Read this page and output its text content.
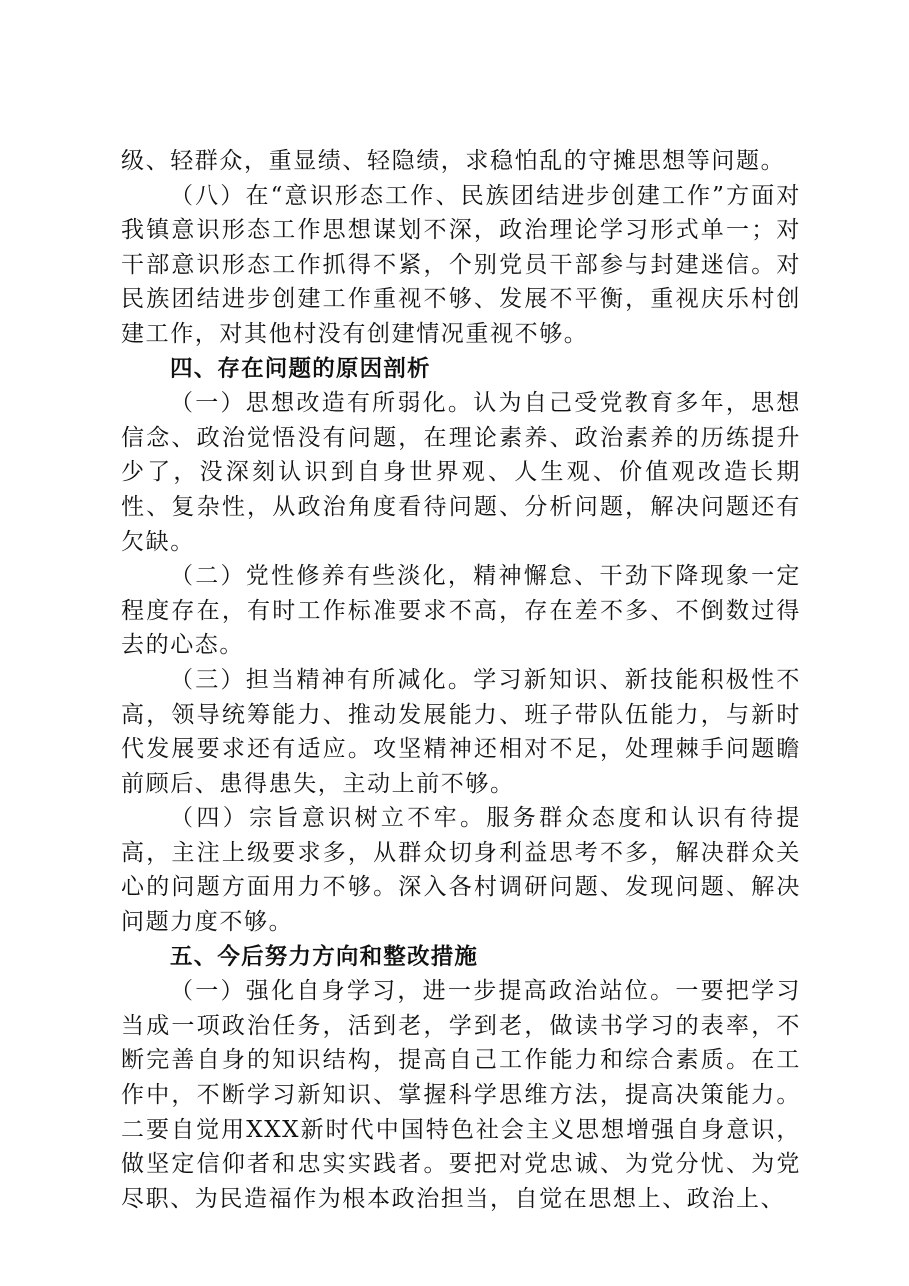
级、轻群众，重显绩、轻隐绩，求稳怕乱的守摊思想等问题。

（八）在“意识形态工作、民族团结进步创建工作”方面对我镇意识形态工作思想谋划不深，政治理论学习形式单一；对干部意识形态工作抓得不紧，个别党员干部参与封建迷信。对民族团结进步创建工作重视不够、发展不平衡，重视庆乐村创建工作，对其他村没有创建情况重视不够。

四、存在问题的原因剖析

（一）思想改造有所弱化。认为自己受党教育多年，思想信念、政治觉悟没有问题，在理论素养、政治素养的历练提升少了，没深刻认识到自身世界观、人生观、价值观改造长期性、复杂性，从政治角度看待问题、分析问题，解决问题还有欠缺。

（二）党性修养有些淡化，精神懈怠、干劲下降现象一定程度存在，有时工作标准要求不高，存在差不多、不倒数过得去的心态。

（三）担当精神有所减化。学习新知识、新技能积极性不高，领导统筹能力、推动发展能力、班子带队伍能力，与新时代发展要求还有适应。攻坚精神还相对不足，处理棘手问题瞻前顾后、患得患失，主动上前不够。

（四）宗旨意识树立不牢。服务群众态度和认识有待提高，主注上级要求多，从群众切身利益思考不多，解决群众关心的问题方面用力不够。深入各村调研问题、发现问题、解决问题力度不够。

五、今后努力方向和整改措施

（一）强化自身学习，进一步提高政治站位。一要把学习当成一项政治任务，活到老，学到老，做读书学习的表率，不断完善自身的知识结构，提高自己工作能力和综合素质。在工作中，不断学习新知识、掌握科学思维方法，提高决策能力。二要自觉用XXX新时代中国特色社会主义思想增强自身意识，做坚定信仰者和忠实实践者。要把对党忠诚、为党分忧、为党尽职、为民造福作为根本政治担当，自觉在思想上、政治上、
